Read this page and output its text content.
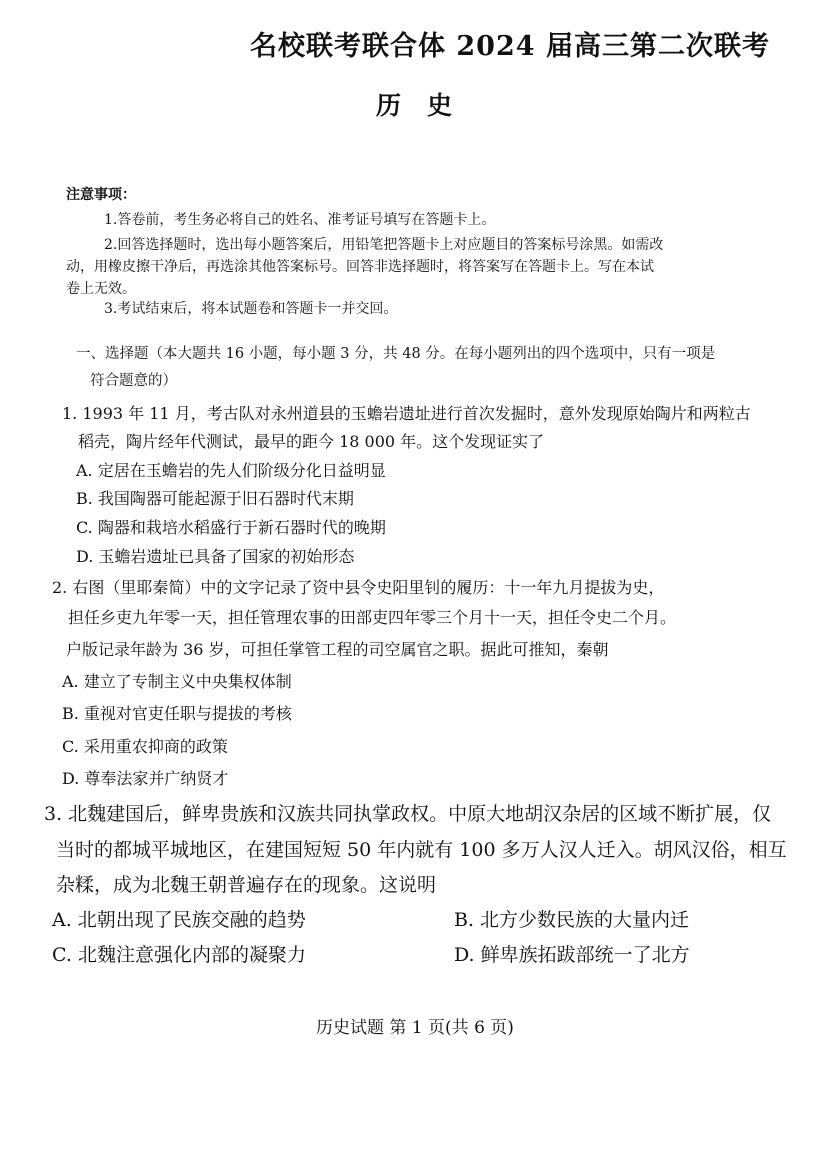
名校联考联合体 2024 届高三第二次联考
历史
注意事项：
1.答卷前，考生务必将自己的姓名、准考证号填写在答题卡上。
2.回答选择题时，选出每小题答案后，用铅笔把答题卡上对应题目的答案标号涂黑。如需改
动，用橡皮擦干净后，再选涂其他答案标号。回答非选择题时，将答案写在答题卡上。写在本试
卷上无效。
3.考试结束后，将本试题卷和答题卡一并交回。
一、选择题（本大题共 16 小题，每小题 3 分，共 48 分。在每小题列出的四个选项中，只有一项是
符合题意的）
1. 1993 年 11 月，考古队对永州道县的玉蟾岩遗址进行首次发掘时，意外发现原始陶片和两粒古
稻壳，陶片经年代测试，最早的距今 18 000 年。这个发现证实了
A. 定居在玉蟾岩的先人们阶级分化日益明显
B. 我国陶器可能起源于旧石器时代末期
C. 陶器和栽培水稻盛行于新石器时代的晚期
D. 玉蟾岩遗址已具备了国家的初始形态
2. 右图（里耶秦简）中的文字记录了资中县令史阳里钊的履历：十一年九月提拔为史，
担任乡吏九年零一天，担任管理农事的田部吏四年零三个月十一天，担任令史二个月。
户版记录年龄为 36 岁，可担任掌管工程的司空属官之职。据此可推知，秦朝
A. 建立了专制主义中央集权体制
B. 重视对官吏任职与提拔的考核
C. 采用重农抑商的政策
D. 尊奉法家并广纳贤才
3. 北魏建国后，鲜卑贵族和汉族共同执掌政权。中原大地胡汉杂居的区域不断扩展，仅
当时的都城平城地区，在建国短短 50 年内就有 100 多万人汉人迁入。胡风汉俗，相互
杂糅，成为北魏王朝普遍存在的现象。这说明
A. 北朝出现了民族交融的趋势	B. 北方少数民族的大量内迁
C. 北魏注意强化内部的凝聚力	D. 鲜卑族拓跋部统一了北方
历史试题 第 1 页(共 6 页)
